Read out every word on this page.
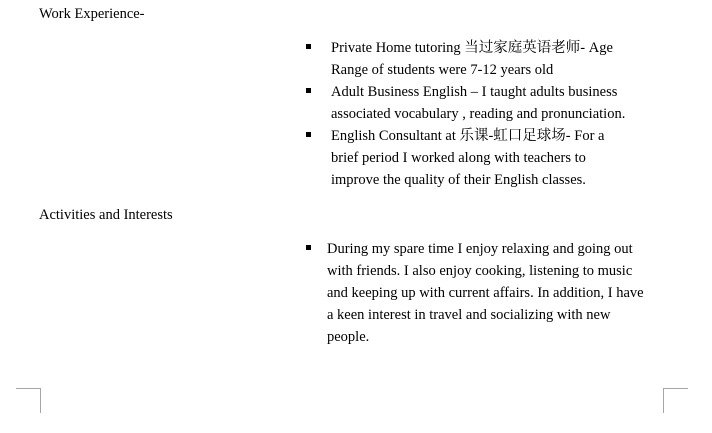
Work Experience-
Private Home tutoring 当过家庭英语老师- Age Range of students were 7-12 years old
Adult Business English – I taught adults business associated vocabulary , reading and pronunciation.
English Consultant at 乐课-虹口足球场- For a brief period I worked along with teachers to improve the quality of their English classes.
Activities and Interests
During my spare time I enjoy relaxing and going out with friends. I also enjoy cooking, listening to music and keeping up with current affairs. In addition, I have a keen interest in travel and socializing with new people.
